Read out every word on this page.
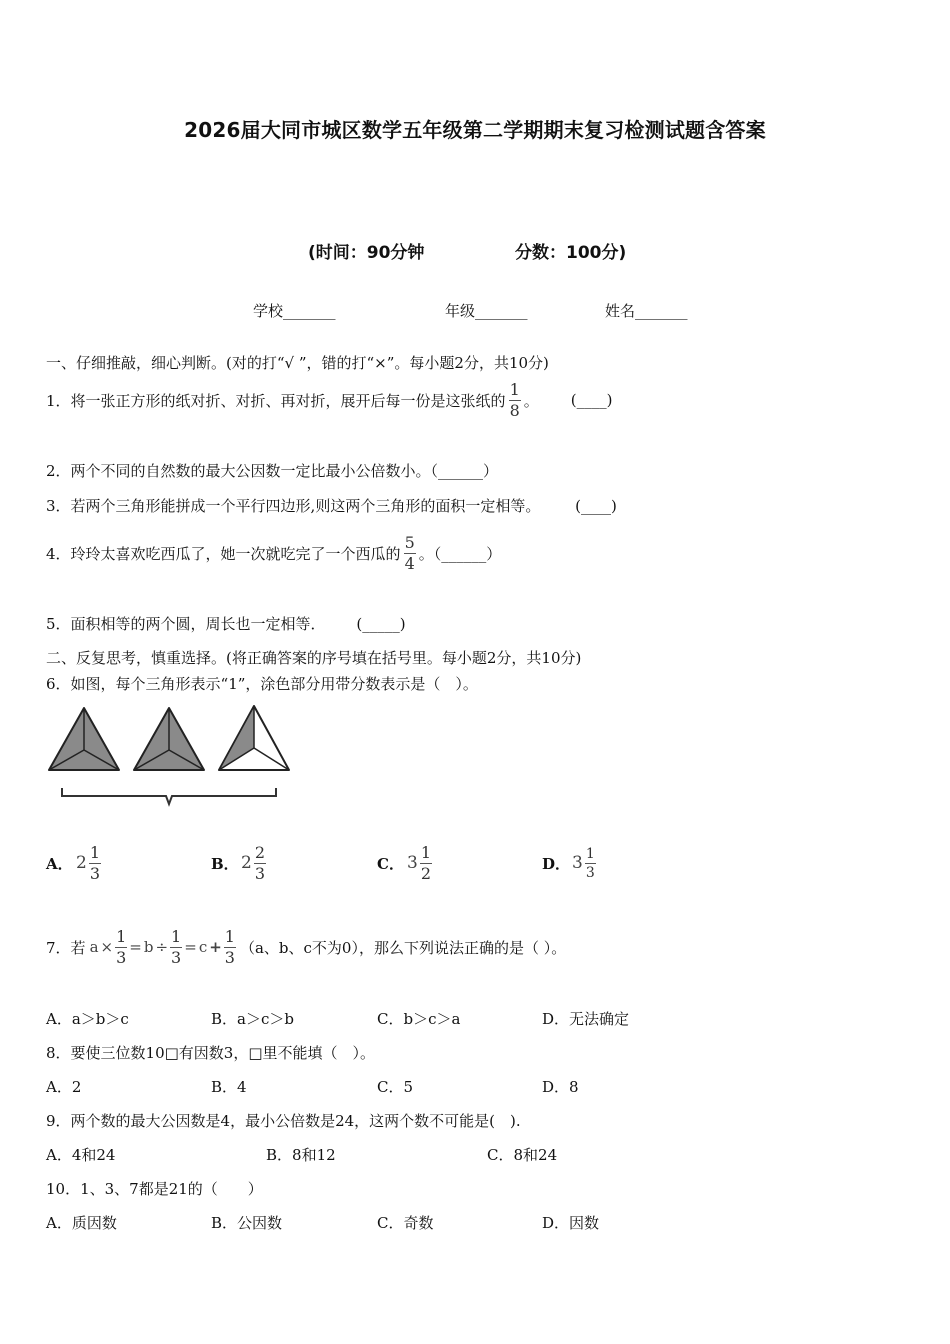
2026届大同市城区数学五年级第二学期期末复习检测试题含答案
(时间：90分钟	分数：100分)
学校_______	年级_______	姓名_______
一、仔细推敲，细心判断。(对的打“√ ”，错的打“×”。每小题2分，共10分)
1． 将一张正方形的纸对折、对折、再对折，展开后每一份是这张纸的 $\frac{1}{8}$ 。 (____)
2．两个不同的自然数的最大公因数一定比最小公倍数小。（______）
3．若两个三角形能拼成一个平行四边形,则这两个三角形的面积一定相等。 (____)
4． 玲玲太喜欢吃西瓜了，她一次就吃完了一个西瓜的 $\frac{5}{4}$ 。（______）
5．面积相等的两个圆，周长也一定相等． (_____)
二、反复思考，慎重选择。(将正确答案的序号填在括号里。每小题2分，共10分)
6．如图，每个三角形表示“1”，涂色部分用带分数表示是（　）。
A． $2 \frac{1}{3}$	B． $2 \frac{2}{3}$	C． $3 \frac{1}{2}$	D． $3 \frac{1}{3}$
7． 若 $a \times \frac{1}{3} = b \div \frac{1}{3} = c + \frac{1}{3} (a$、b、c不为0），那么下列说法正确的是（ ）。
A．a＞b＞c	B．a＞c＞b	C．b＞c＞a	D．无法确定
8．要使三位数10□有因数3，□里不能填（　）。
A．2	B．4	C．5	D．8
9．两个数的最大公因数是4，最小公倍数是24，这两个数不可能是(　).
A．4和24	B．8和12	C．8和24
10．1、3、7都是21的（　　）
A．质因数	B．公因数	C．奇数	D．因数
